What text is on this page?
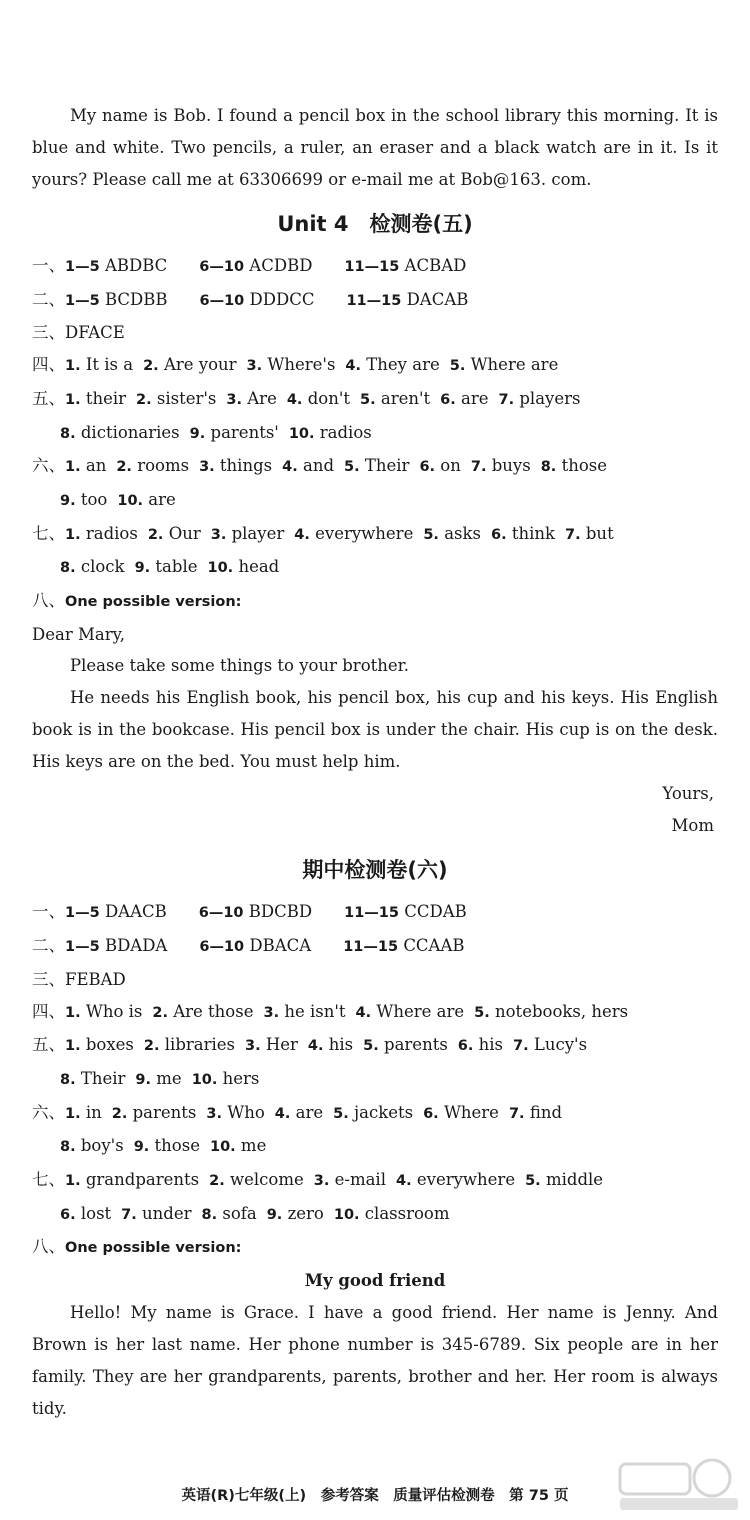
My name is Bob. I found a pencil box in the school library this morning. It is blue and white. Two pencils, a ruler, an eraser and a black watch are in it. Is it yours? Please call me at 63306699 or e-mail me at Bob@163. com.

Unit 4　检测卷(五)

一、1—5 ABDBC 6—10 ACDBD 11—15 ACBAD

二、1—5 BCDBB 6—10 DDDCC 11—15 DACAB

三、DFACE

四、1. It is a 2. Are your 3. Where's 4. They are 5. Where are

五、1. their 2. sister's 3. Are 4. don't 5. aren't 6. are 7. players

8. dictionaries 9. parents' 10. radios

六、1. an 2. rooms 3. things 4. and 5. Their 6. on 7. buys 8. those

9. too 10. are

七、1. radios 2. Our 3. player 4. everywhere 5. asks 6. think 7. but

8. clock 9. table 10. head

八、One possible version:

Dear Mary,

Please take some things to your brother.

He needs his English book, his pencil box, his cup and his keys. His English book is in the bookcase. His pencil box is under the chair. His cup is on the desk. His keys are on the bed. You must help him.

Yours,

Mom

期中检测卷(六)

一、1—5 DAACB 6—10 BDCBD 11—15 CCDAB

二、1—5 BDADA 6—10 DBACA 11—15 CCAAB

三、FEBAD

四、1. Who is 2. Are those 3. he isn't 4. Where are 5. notebooks, hers

五、1. boxes 2. libraries 3. Her 4. his 5. parents 6. his 7. Lucy's

8. Their 9. me 10. hers

六、1. in 2. parents 3. Who 4. are 5. jackets 6. Where 7. find

8. boy's 9. those 10. me

七、1. grandparents 2. welcome 3. e-mail 4. everywhere 5. middle

6. lost 7. under 8. sofa 9. zero 10. classroom

八、One possible version:

My good friend

Hello! My name is Grace. I have a good friend. Her name is Jenny. And Brown is her last name. Her phone number is 345-6789. Six people are in her family. They are her grandparents, parents, brother and her. Her room is always tidy.

英语(R)七年级(上)　参考答案　质量评估检测卷　第 75 页
